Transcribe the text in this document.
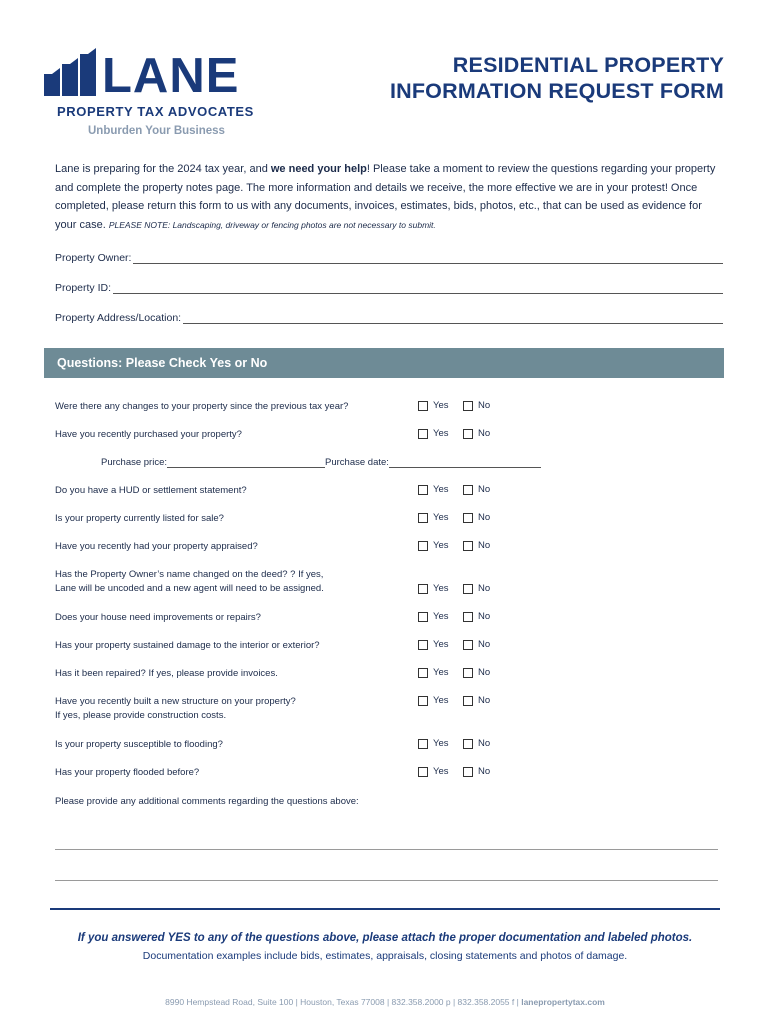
LANE
PROPERTY TAX ADVOCATES
Unburden Your Business
RESIDENTIAL PROPERTY
INFORMATION REQUEST FORM
Lane is preparing for the 2024 tax year, and we need your help! Please take a moment to review the questions regarding your property and complete the property notes page. The more information and details we receive, the more effective we are in your protest! Once completed, please return this form to us with any documents, invoices, estimates, bids, photos, etc., that can be used as evidence for your case. PLEASE NOTE: Landscaping, driveway or fencing photos are not necessary to submit.
Property Owner:
Property ID:
Property Address/Location:
Questions: Please Check Yes or No
Were there any changes to your property since the previous tax year?	Yes	No
Have you recently purchased your property?	Yes	No
Purchase price:	Purchase date:
Do you have a HUD or settlement statement?	Yes	No
Is your property currently listed for sale?	Yes	No
Have you recently had your property appraised?	Yes	No
Has the Property Owner’s name changed on the deed? ? If yes,
Lane will be uncoded and a new agent will need to be assigned.	Yes	No
Does your house need improvements or repairs?	Yes	No
Has your property sustained damage to the interior or exterior?	Yes	No
Has it been repaired? If yes, please provide invoices.	Yes	No
Have you recently built a new structure on your property?
If yes, please provide construction costs.
Yes	No
Is your property susceptible to flooding?	Yes	No
Has your property flooded before?	Yes	No
Please provide any additional comments regarding the questions above:
If you answered YES to any of the questions above, please attach the proper documentation and labeled photos.
Documentation examples include bids, estimates, appraisals, closing statements and photos of damage.
8990 Hempstead Road, Suite 100 | Houston, Texas 77008 | 832.358.2000 p | 832.358.2055 f | lanepropertytax.com
